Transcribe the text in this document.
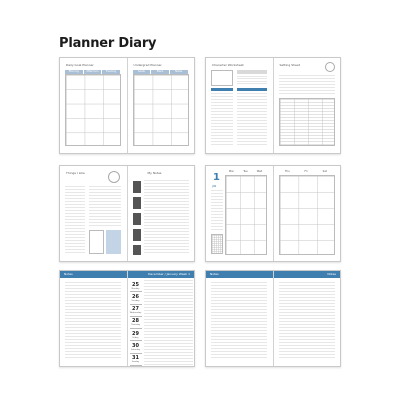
Planner Diary
Daily Goal Planner
Morning	Afternoon	Evening
Undergrad Planner
Goals	Plans	Notes
Character Worksheet	Setting Sheet
Things I Like	My Notes	1
JAN
Mon	Tue	Wed	Thu	Fri	Sat
Notes	December / January Week 1
25
Monday
26
Tuesday
27
Wednesday
28
Thursday
29
Friday
30
Saturday
31
Sunday
Notes	Notes
